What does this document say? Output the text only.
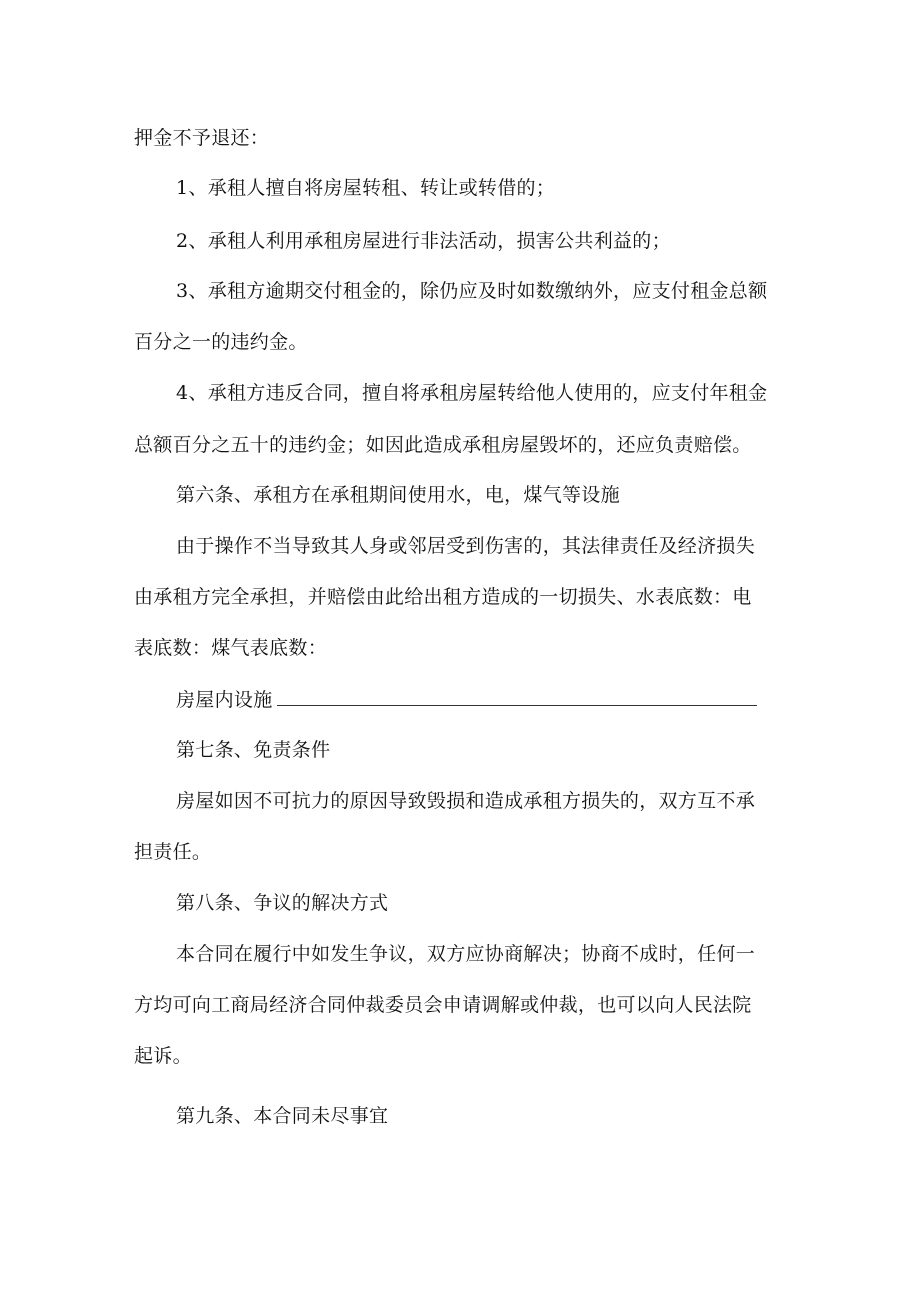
押金不予退还：
1、承租人擅自将房屋转租、转让或转借的；
2、承租人利用承租房屋进行非法活动，损害公共利益的；
3、承租方逾期交付租金的，除仍应及时如数缴纳外，应支付租金总额
百分之一的违约金。
4、承租方违反合同，擅自将承租房屋转给他人使用的，应支付年租金
总额百分之五十的违约金；如因此造成承租房屋毁坏的，还应负责赔偿。
第六条、承租方在承租期间使用水，电，煤气等设施
由于操作不当导致其人身或邻居受到伤害的，其法律责任及经济损失
由承租方完全承担，并赔偿由此给出租方造成的一切损失、水表底数：电
表底数：煤气表底数：
房屋内设施
第七条、免责条件
房屋如因不可抗力的原因导致毁损和造成承租方损失的，双方互不承
担责任。
第八条、争议的解决方式
本合同在履行中如发生争议，双方应协商解决；协商不成时，任何一
方均可向工商局经济合同仲裁委员会申请调解或仲裁，也可以向人民法院
起诉。
第九条、本合同未尽事宜
